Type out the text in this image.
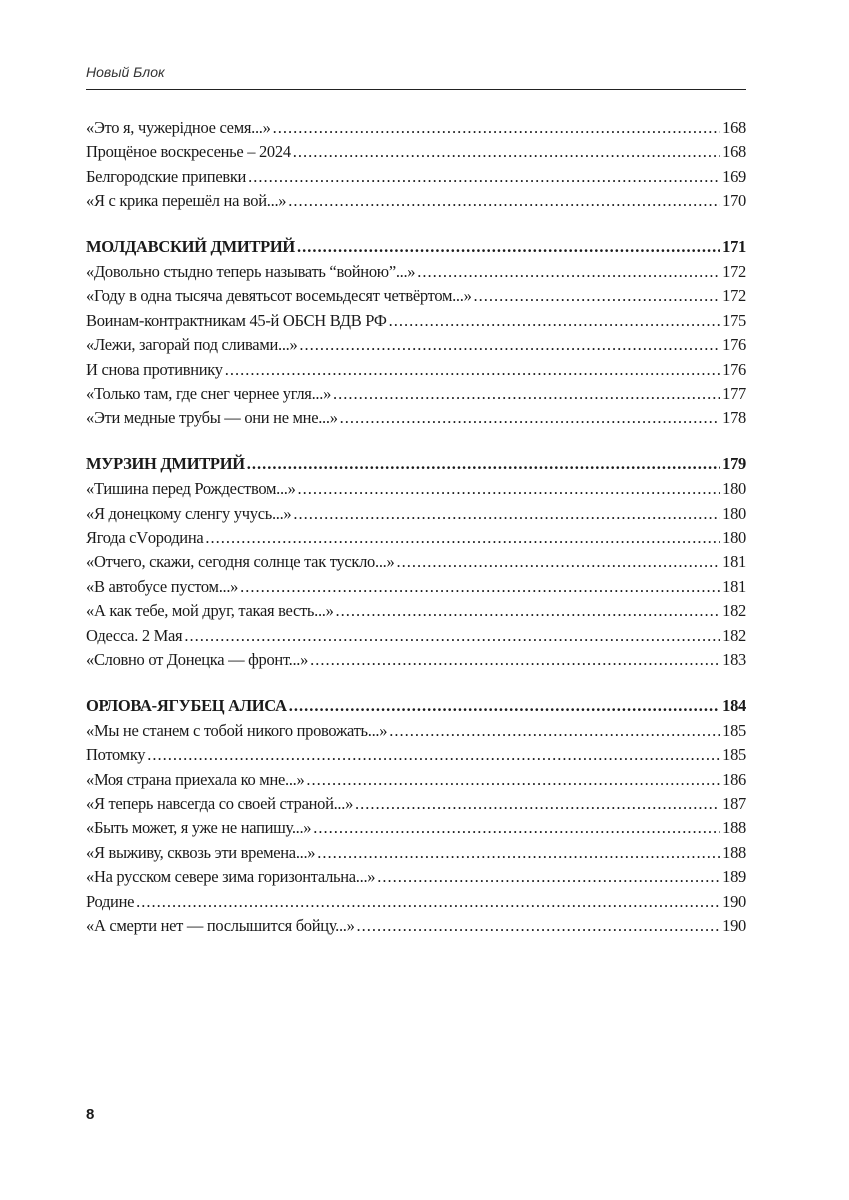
Новый Блок
«Это я, чужерідное семя...» .....	168
Прощёное воскресенье – 2024 .....	168
Белгородские припевки .....	169
«Я с крика перешёл на вой...» .....	170
МОЛДАВСКИЙ ДМИТРИЙ .....	171
«Довольно стыдно теперь называть “войною”...» .....	172
«Году в одна тысяча девятьсот восемьдесят четвёртом...» .....	172
Воинам-контрактникам 45-й ОБСН ВДВ РФ .....	175
«Лежи, загорай под сливами...» .....	176
И снова противнику .....	176
«Только там, где снег чернее угля...» .....	177
«Эти медные трубы — они не мне...» .....	178
МУРЗИН ДМИТРИЙ .....	179
«Тишина перед Рождеством...» .....	180
«Я донецкому сленгу учусь...» .....	180
Ягода сVородина .....	180
«Отчего, скажи, сегодня солнце так тускло...» .....	181
«В автобусе пустом...» .....	181
«А как тебе, мой друг, такая весть...» .....	182
Одесса. 2 Мая .....	182
«Словно от Донецка — фронт...» .....	183
ОРЛОВА-ЯГУБЕЦ АЛИСА .....	184
«Мы не станем с тобой никого провожать...» .....	185
Потомку .....	185
«Моя страна приехала ко мне...» .....	186
«Я теперь навсегда со своей страной...» .....	187
«Быть может, я уже не напишу...» .....	188
«Я выживу, сквозь эти времена...» .....	188
«На русском севере зима горизонтальна...» .....	189
Родине .....	190
«А смерти нет — послышится бойцу...» .....	190
8
